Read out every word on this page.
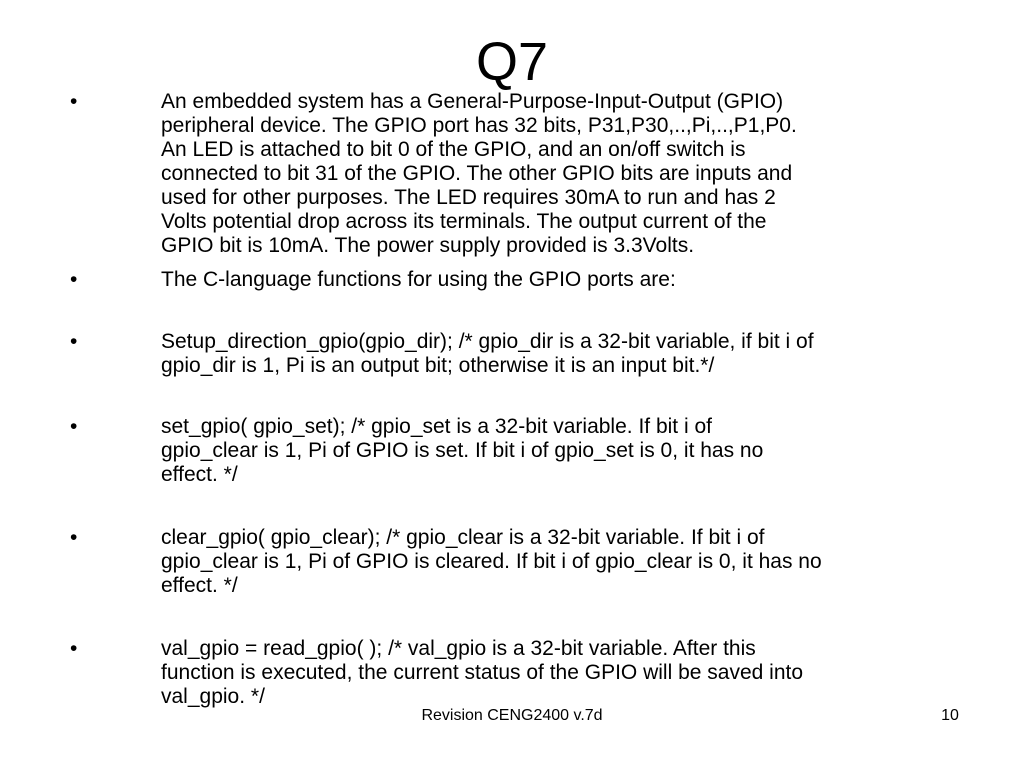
Q7
•	An embedded system has a General-Purpose-Input-Output (GPIO)
peripheral device. The GPIO port has 32 bits, P31,P30,..,Pi,..,P1,P0.
An LED is attached to bit 0 of the GPIO, and an on/off switch is
connected to bit 31 of the GPIO. The other GPIO bits are inputs and
used for other purposes. The LED requires 30mA to run and has 2
Volts potential drop across its terminals. The output current of the
GPIO bit is 10mA. The power supply provided is 3.3Volts.
•	The C-language functions for using the GPIO ports are:
•	Setup_direction_gpio(gpio_dir); /* gpio_dir is a 32-bit variable, if bit i of
gpio_dir is 1, Pi is an output bit; otherwise it is an input bit.*/
•	set_gpio( gpio_set); /* gpio_set is a 32-bit variable. If bit i of
gpio_clear is 1, Pi of GPIO is set. If bit i of gpio_set is 0, it has no
effect. */
•	clear_gpio( gpio_clear); /* gpio_clear is a 32-bit variable. If bit i of
gpio_clear is 1, Pi of GPIO is cleared. If bit i of gpio_clear is 0, it has no
effect. */
•	val_gpio = read_gpio( ); /* val_gpio is a 32-bit variable. After this
function is executed, the current status of the GPIO will be saved into
val_gpio. */
Revision CENG2400 v.7d	10
